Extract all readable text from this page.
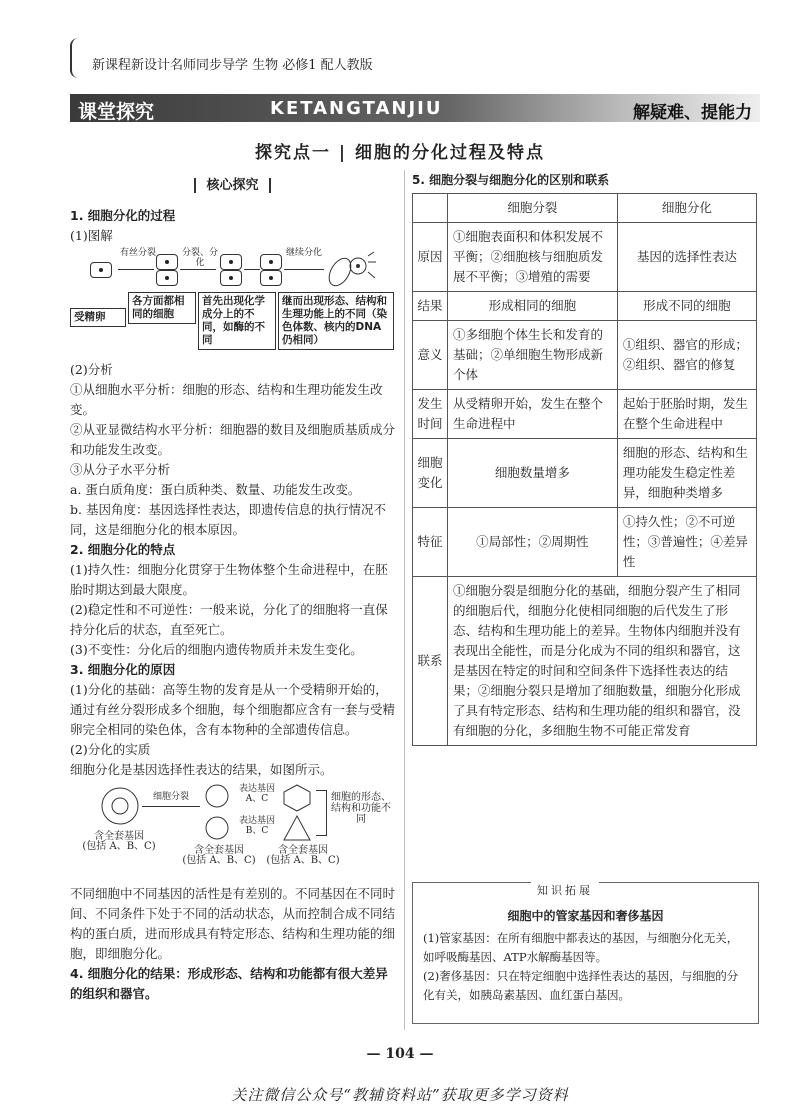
新课程新设计名师同步导学 生物 必修1 配人教版
课堂探究	KETANGTANJIU	解疑难、提能力
探究点一 | 细胞的分化过程及特点
核心探究

1. 细胞分化的过程

(1)图解

有丝分裂	分裂、分化
继续分化
受精卵
各方面都相同的细胞
首先出现化学成分上的不同，如酶的不同
继而出现形态、结构和生理功能上的不同（染色体数、核内的DNA仍相同）

(2)分析

①从细胞水平分析：细胞的形态、结构和生理功能发生改变。

②从亚显微结构水平分析：细胞器的数目及细胞质基质成分和功能发生改变。

③从分子水平分析

a. 蛋白质角度：蛋白质种类、数量、功能发生改变。

b. 基因角度：基因选择性表达，即遗传信息的执行情况不同，这是细胞分化的根本原因。

2. 细胞分化的特点

(1)持久性：细胞分化贯穿于生物体整个生命进程中，在胚胎时期达到最大限度。

(2)稳定性和不可逆性：一般来说，分化了的细胞将一直保持分化后的状态，直至死亡。

(3)不变性：分化后的细胞内遗传物质并未发生变化。

3. 细胞分化的原因

(1)分化的基础：高等生物的发育是从一个受精卵开始的，通过有丝分裂形成多个细胞，每个细胞都应含有一套与受精卵完全相同的染色体，含有本物种的全部遗传信息。

(2)分化的实质

细胞分化是基因选择性表达的结果，如图所示。

细胞分裂
表达基因
A、C
表达基因
B、C
细胞的形态、结构和功能不同
含全套基因
(包括 A、B、C)	含全套基因
(包括 A、B、C)
含全套基因
(包括 A、B、C)

不同细胞中不同基因的活性是有差别的。不同基因在不同时间、不同条件下处于不同的活动状态，从而控制合成不同结构的蛋白质，进而形成具有特定形态、结构和生理功能的细胞，即细胞分化。

4. 细胞分化的结果：形成形态、结构和功能都有很大差异的组织和器官。

5. 细胞分裂与细胞分化的区别和联系
	细胞分裂	细胞分化
原因	①细胞表面积和体积发展不平衡；②细胞核与细胞质发展不平衡；③增殖的需要	基因的选择性表达
结果	形成相同的细胞	形成不同的细胞
意义	①多细胞个体生长和发育的基础；②单细胞生物形成新个体	①组织、器官的形成；②组织、器官的修复
发生时间	从受精卵开始，发生在整个生命进程中	起始于胚胎时期，发生在整个生命进程中
细胞变化	细胞数量增多	细胞的形态、结构和生理功能发生稳定性差异，细胞种类增多
特征	①局部性；②周期性	①持久性；②不可逆性；③普遍性；④差异性
联系	①细胞分裂是细胞分化的基础，细胞分裂产生了相同的细胞后代，细胞分化使相同细胞的后代发生了形态、结构和生理功能上的差异。生物体内细胞并没有表现出全能性，而是分化成为不同的组织和器官，这是基因在特定的时间和空间条件下选择性表达的结果；②细胞分裂只是增加了细胞数量，细胞分化形成了具有特定形态、结构和生理功能的组织和器官，没有细胞的分化，多细胞生物不可能正常发育	
知识拓展
细胞中的管家基因和奢侈基因

(1)管家基因：在所有细胞中都表达的基因，与细胞分化无关，如呼吸酶基因、ATP水解酶基因等。

(2)奢侈基因：只在特定细胞中选择性表达的基因，与细胞的分化有关，如胰岛素基因、血红蛋白基因。

— 104 —
关注微信公众号“教辅资料站”获取更多学习资料
